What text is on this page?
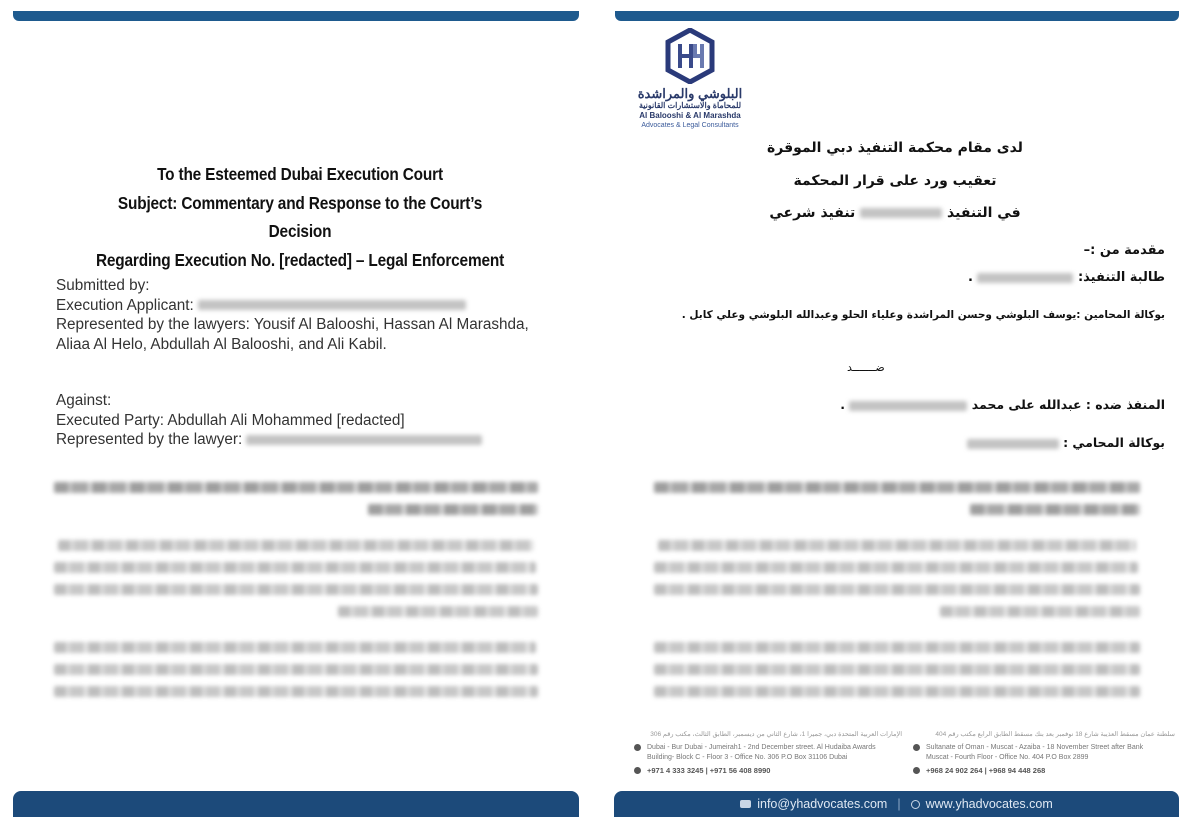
To the Esteemed Dubai Execution Court
Subject: Commentary and Response to the Court’s Decision
Regarding Execution No. [redacted] – Legal Enforcement
Submitted by:
Execution Applicant:
Represented by the lawyers: Yousif Al Balooshi, Hassan Al Marashda,
Aliaa Al Helo, Abdullah Al Balooshi, and Ali Kabil.
Against:
Executed Party: Abdullah Ali Mohammed [redacted]
Represented by the lawyer:
البلوشي والمراشدة
للمحاماة والاستشارات القانونية
Al Balooshi & Al Marashda
Advocates & Legal Consultants
لدى مقام محكمة التنفيذ دبي الموقرة
تعقيب ورد على قرار المحكمة
في التنفيذ  تنفيذ شرعي
مقدمة من :–
طالبة التنفيذ:  .
بوكالة المحامين :يوسف البلوشي وحسن المراشدة وعلياء الحلو وعبدالله البلوشي وعلي كابل .
ضـــــــد
المنفذ ضده : عبدالله على محمد  .
بوكالة المحامي :
الإمارات العربية المتحدة دبي، جميرا 1، شارع الثاني من ديسمبر، الطابق الثالث، مكتب رقم 306
Dubai - Bur Dubai - Jumeirah1 - 2nd December street. Al Hudaiba Awards
Building- Block C - Floor 3 - Office No. 306 P.O Box 31106 Dubai
+971 4 333 3245 | +971 56 408 8990
سلطنة عمان مسقط العذيبة شارع 18 نوفمبر بعد بنك مسقط الطابق الرابع مكتب رقم 404
Sultanate of Oman - Muscat - Azaiba - 18 November Street after Bank
Muscat - Fourth Floor - Office No. 404 P.O Box 2899
+968 24 902 264 | +968 94 448 268
info@yhadvocates.com | www.yhadvocates.com
